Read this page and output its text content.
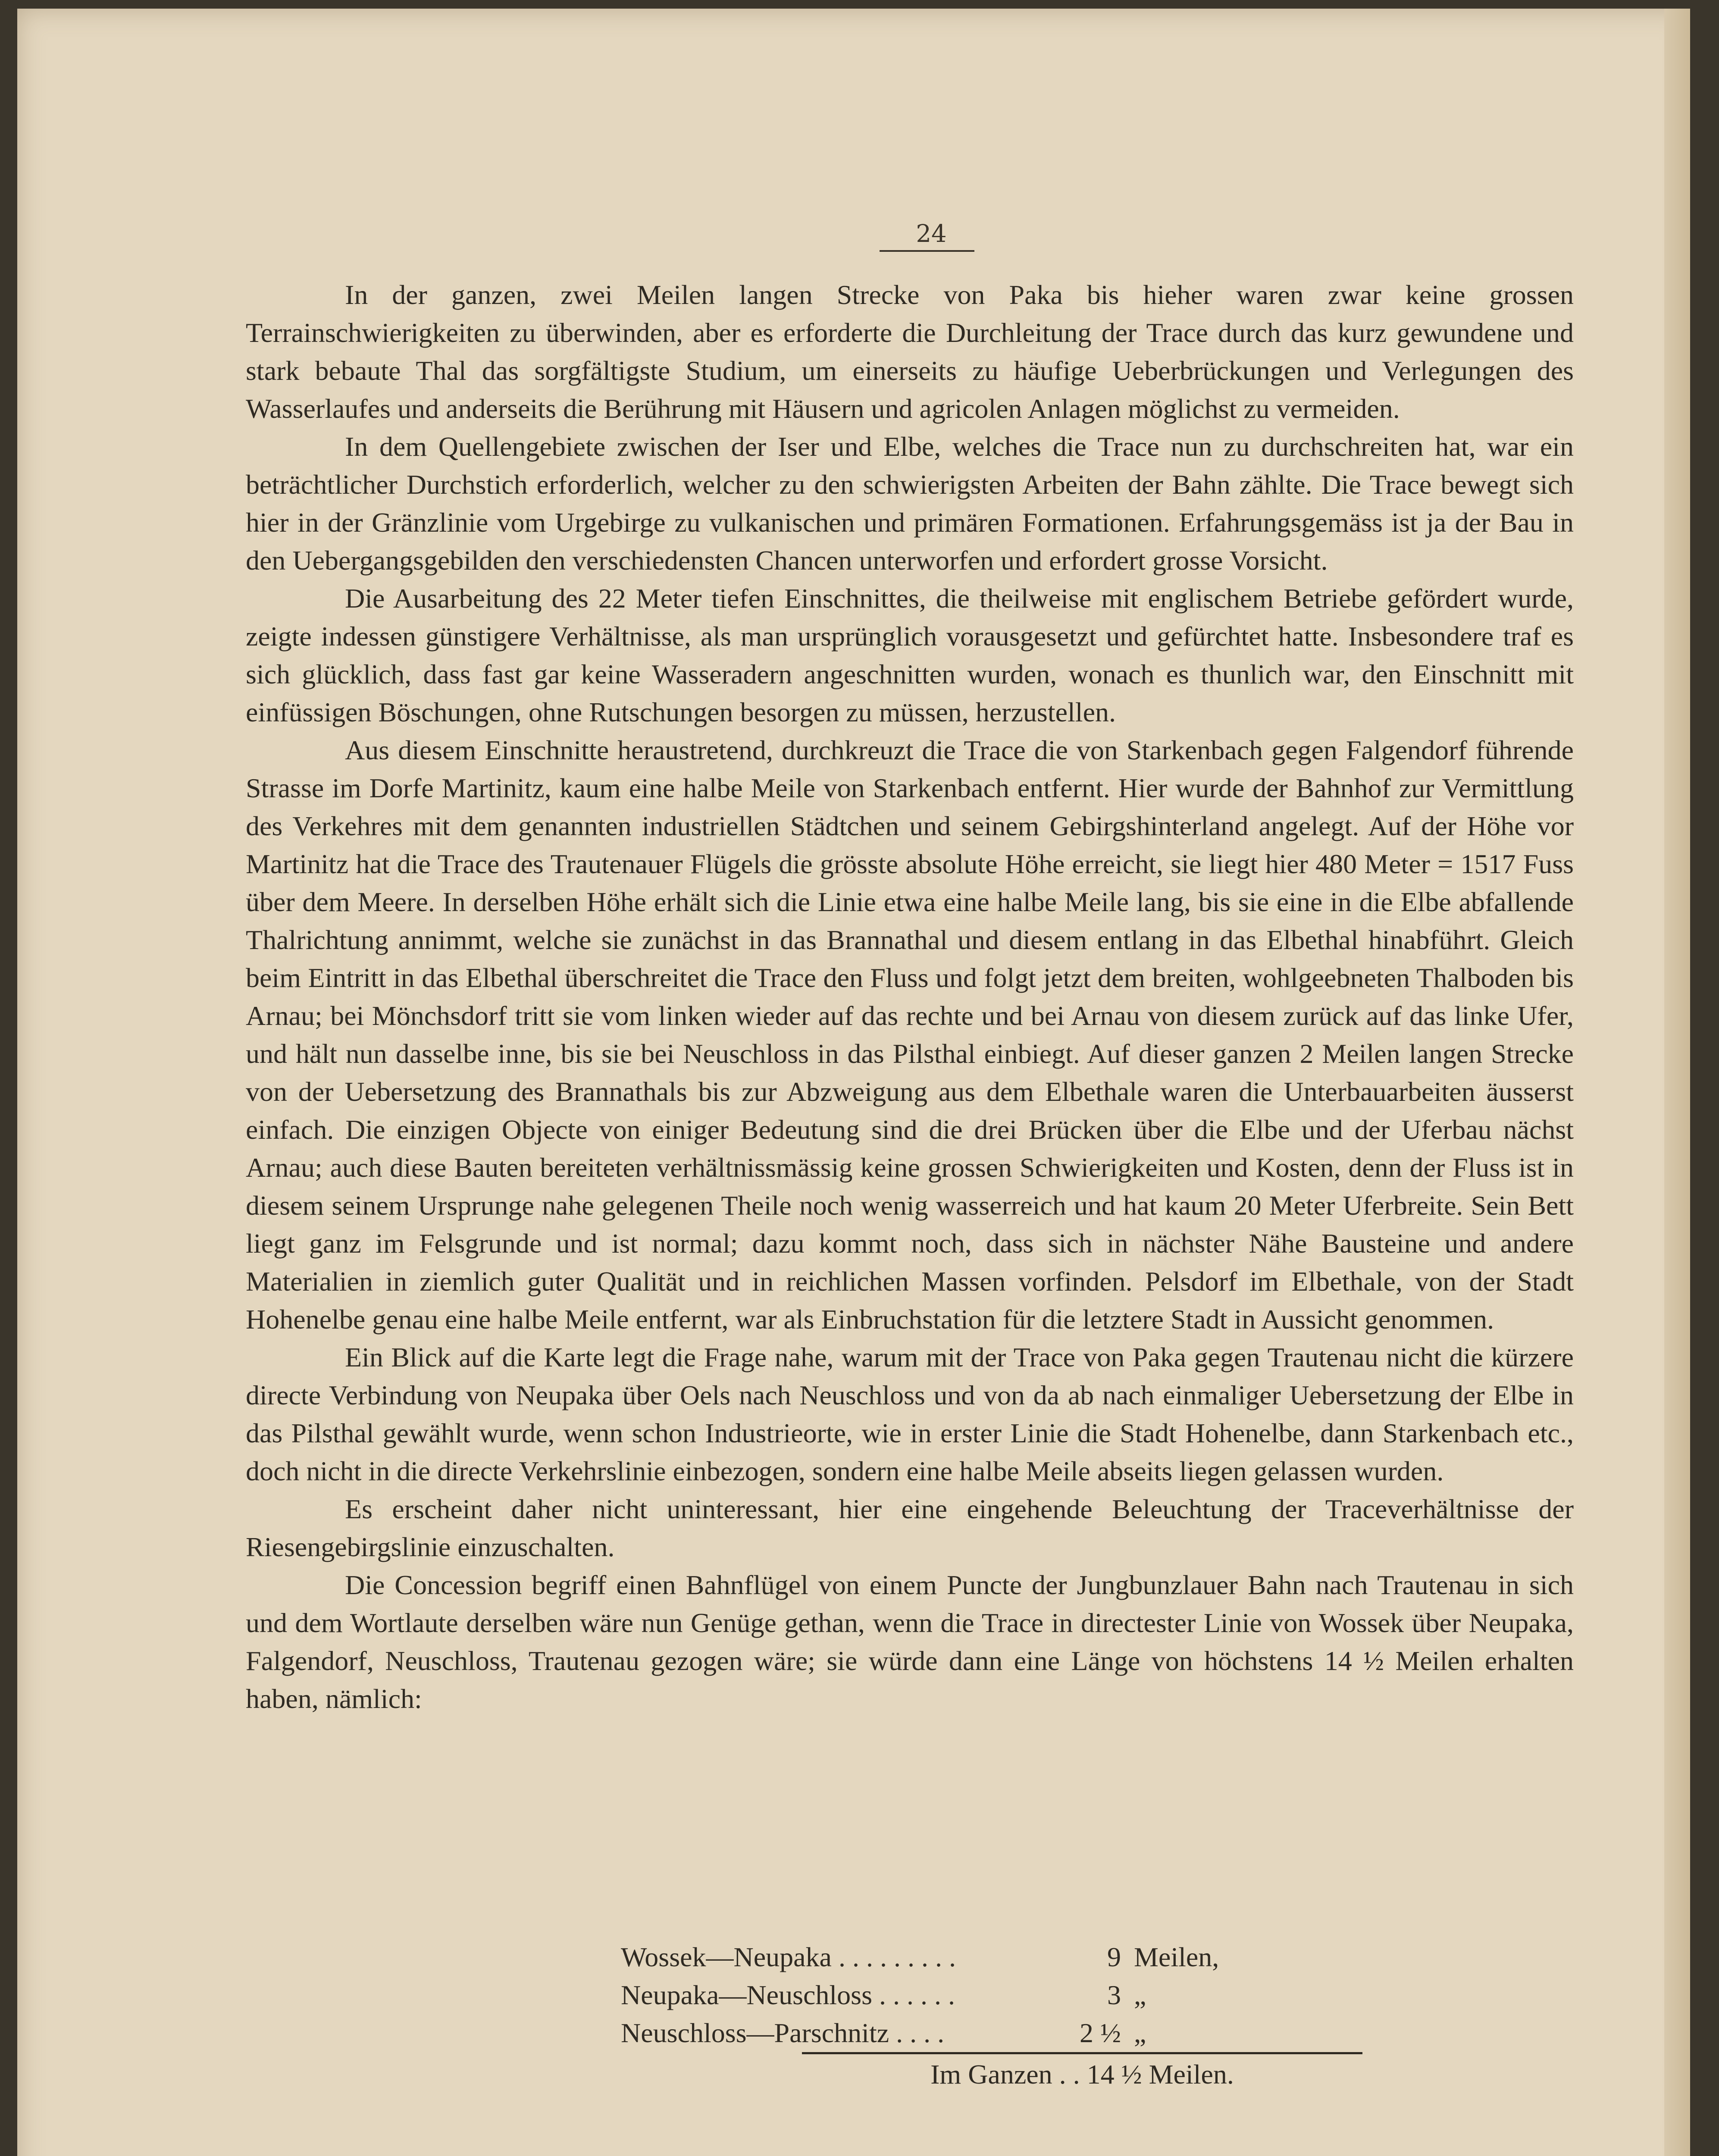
24

In der ganzen, zwei Meilen langen Strecke von Paka bis hieher waren zwar keine grossen Terrainschwierigkeiten zu überwinden, aber es erforderte die Durchleitung der Trace durch das kurz gewundene und stark bebaute Thal das sorgfältigste Studium, um einerseits zu häufige Ueberbrückungen und Verlegungen des Wasserlaufes und anderseits die Berührung mit Häusern und agricolen Anlagen möglichst zu vermeiden.

In dem Quellengebiete zwischen der Iser und Elbe, welches die Trace nun zu durchschreiten hat, war ein beträchtlicher Durchstich erforderlich, welcher zu den schwierigsten Arbeiten der Bahn zählte. Die Trace bewegt sich hier in der Gränzlinie vom Urgebirge zu vulkanischen und primären Formationen. Erfahrungsgemäss ist ja der Bau in den Uebergangsgebilden den verschiedensten Chancen unterworfen und erfordert grosse Vorsicht.

Die Ausarbeitung des 22 Meter tiefen Einschnittes, die theilweise mit englischem Betriebe gefördert wurde, zeigte indessen günstigere Verhältnisse, als man ursprünglich vorausgesetzt und gefürchtet hatte. Insbesondere traf es sich glücklich, dass fast gar keine Wasseradern angeschnitten wurden, wonach es thunlich war, den Einschnitt mit einfüssigen Böschungen, ohne Rutschungen besorgen zu müssen, herzustellen.

Aus diesem Einschnitte heraustretend, durchkreuzt die Trace die von Starkenbach gegen Falgendorf führende Strasse im Dorfe Martinitz, kaum eine halbe Meile von Starkenbach entfernt. Hier wurde der Bahnhof zur Vermittlung des Verkehres mit dem genannten industriellen Städtchen und seinem Gebirgshinterland angelegt. Auf der Höhe vor Martinitz hat die Trace des Trautenauer Flügels die grösste absolute Höhe erreicht, sie liegt hier 480 Meter = 1517 Fuss über dem Meere. In derselben Höhe erhält sich die Linie etwa eine halbe Meile lang, bis sie eine in die Elbe abfallende Thalrichtung annimmt, welche sie zunächst in das Brannathal und diesem entlang in das Elbethal hinabführt. Gleich beim Eintritt in das Elbethal überschreitet die Trace den Fluss und folgt jetzt dem breiten, wohlgeebneten Thalboden bis Arnau; bei Mönchsdorf tritt sie vom linken wieder auf das rechte und bei Arnau von diesem zurück auf das linke Ufer, und hält nun dasselbe inne, bis sie bei Neuschloss in das Pilsthal einbiegt. Auf dieser ganzen 2 Meilen langen Strecke von der Uebersetzung des Brannathals bis zur Abzweigung aus dem Elbethale waren die Unterbauarbeiten äusserst einfach. Die einzigen Objecte von einiger Bedeutung sind die drei Brücken über die Elbe und der Uferbau nächst Arnau; auch diese Bauten bereiteten verhältnissmässig keine grossen Schwierigkeiten und Kosten, denn der Fluss ist in diesem seinem Ursprunge nahe gelegenen Theile noch wenig wasserreich und hat kaum 20 Meter Uferbreite. Sein Bett liegt ganz im Felsgrunde und ist normal; dazu kommt noch, dass sich in nächster Nähe Bausteine und andere Materialien in ziemlich guter Qualität und in reichlichen Massen vorfinden. Pelsdorf im Elbethale, von der Stadt Hohenelbe genau eine halbe Meile entfernt, war als Einbruchstation für die letztere Stadt in Aussicht genommen.

Ein Blick auf die Karte legt die Frage nahe, warum mit der Trace von Paka gegen Trautenau nicht die kürzere directe Verbindung von Neupaka über Oels nach Neuschloss und von da ab nach einmaliger Uebersetzung der Elbe in das Pilsthal gewählt wurde, wenn schon Industrieorte, wie in erster Linie die Stadt Hohenelbe, dann Starkenbach etc., doch nicht in die directe Verkehrslinie einbezogen, sondern eine halbe Meile abseits liegen gelassen wurden.

Es erscheint daher nicht uninteressant, hier eine eingehende Beleuchtung der Traceverhältnisse der Riesengebirgslinie einzuschalten.

Die Concession begriff einen Bahnflügel von einem Puncte der Jungbunzlauer Bahn nach Trautenau in sich und dem Wortlaute derselben wäre nun Genüge gethan, wenn die Trace in directester Linie von Wossek über Neupaka, Falgendorf, Neuschloss, Trautenau gezogen wäre; sie würde dann eine Länge von höchstens 14 ½ Meilen erhalten haben, nämlich:

Wossek—Neupaka . . . . . . . . .	9 Meilen,
Neupaka—Neuschloss . . . . . .	3 „
Neuschloss—Parschnitz . . . .	2 ½ „
Im Ganzen . . 14 ½ Meilen.
